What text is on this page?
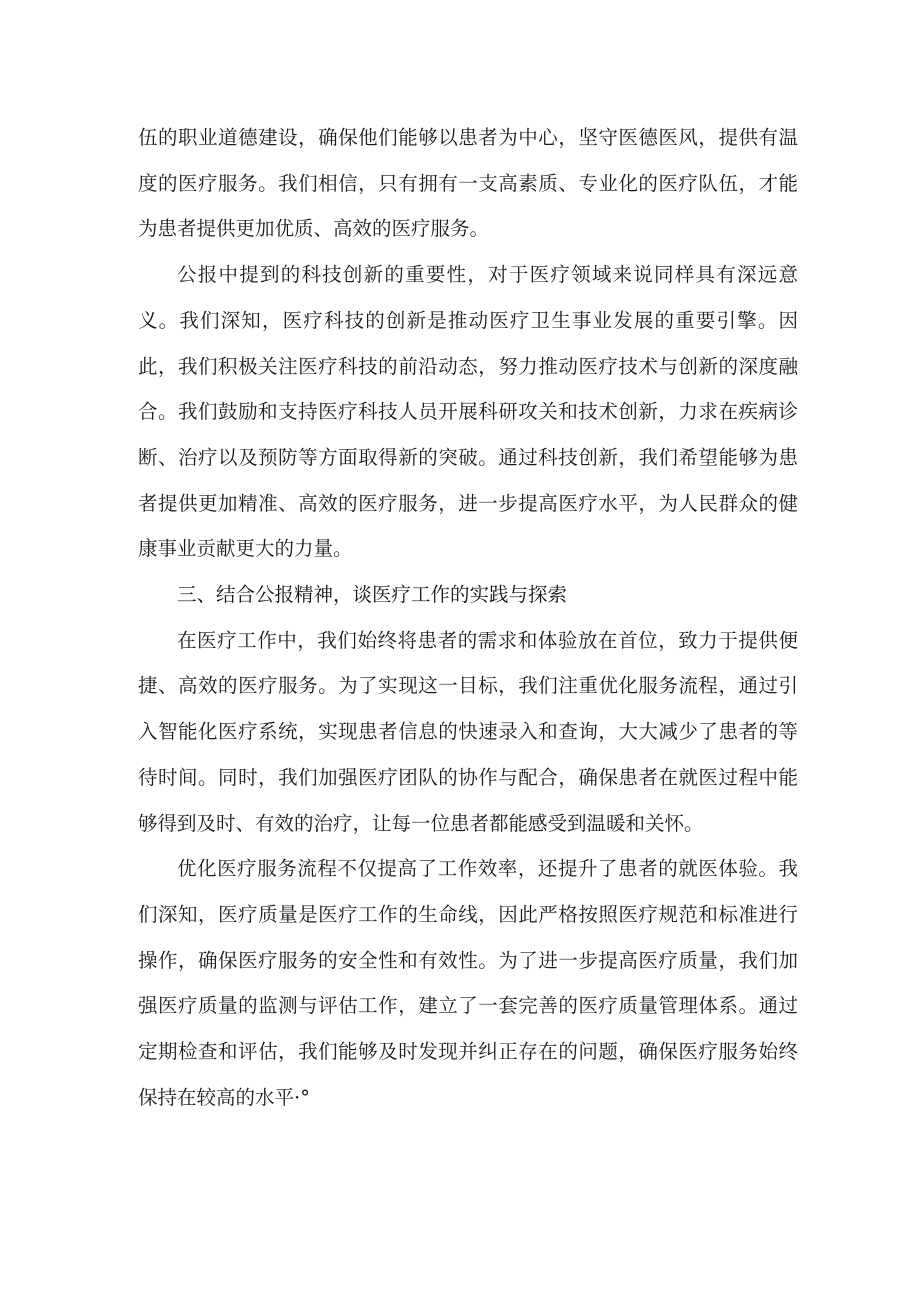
伍的职业道德建设，确保他们能够以患者为中心，坚守医德医风，提供有温度的医疗服务。我们相信，只有拥有一支高素质、专业化的医疗队伍，才能为患者提供更加优质、高效的医疗服务。

公报中提到的科技创新的重要性，对于医疗领域来说同样具有深远意义。我们深知，医疗科技的创新是推动医疗卫生事业发展的重要引擎。因此，我们积极关注医疗科技的前沿动态，努力推动医疗技术与创新的深度融合。我们鼓励和支持医疗科技人员开展科研攻关和技术创新，力求在疾病诊断、治疗以及预防等方面取得新的突破。通过科技创新，我们希望能够为患者提供更加精准、高效的医疗服务，进一步提高医疗水平，为人民群众的健康事业贡献更大的力量。

三、结合公报精神，谈医疗工作的实践与探索

在医疗工作中，我们始终将患者的需求和体验放在首位，致力于提供便捷、高效的医疗服务。为了实现这一目标，我们注重优化服务流程，通过引入智能化医疗系统，实现患者信息的快速录入和查询，大大减少了患者的等待时间。同时，我们加强医疗团队的协作与配合，确保患者在就医过程中能够得到及时、有效的治疗，让每一位患者都能感受到温暖和关怀。

优化医疗服务流程不仅提高了工作效率，还提升了患者的就医体验。我们深知，医疗质量是医疗工作的生命线，因此严格按照医疗规范和标准进行操作，确保医疗服务的安全性和有效性。为了进一步提高医疗质量，我们加强医疗质量的监测与评估工作，建立了一套完善的医疗质量管理体系。通过定期检查和评估，我们能够及时发现并纠正存在的问题，确保医疗服务始终保持在较高的水平·°
